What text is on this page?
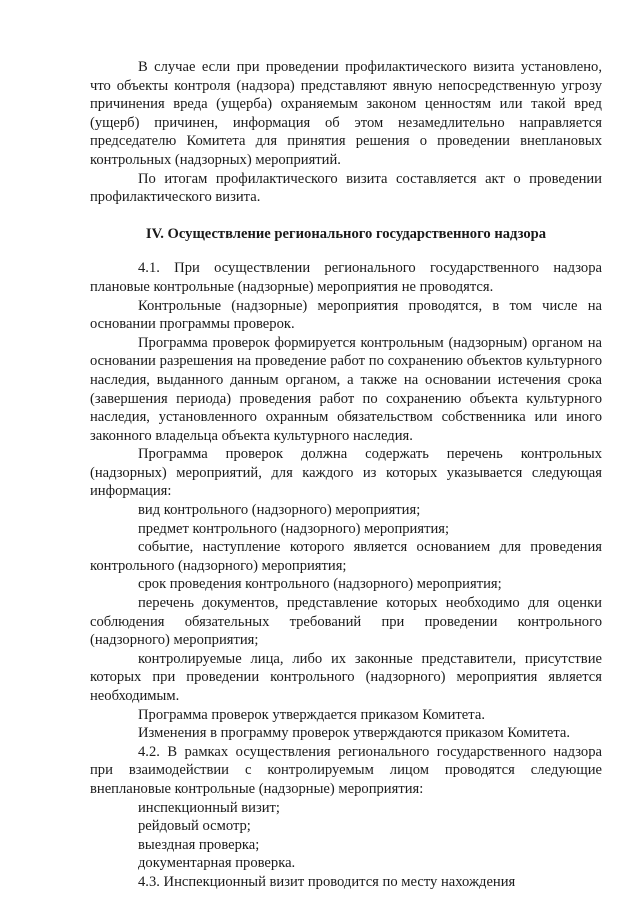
В случае если при проведении профилактического визита установлено, что объекты контроля (надзора) представляют явную непосредственную угрозу причинения вреда (ущерба) охраняемым законом ценностям или такой вред (ущерб) причинен, информация об этом незамедлительно направляется председателю Комитета для принятия решения о проведении внеплановых контрольных (надзорных) мероприятий.

По итогам профилактического визита составляется акт о проведении профилактического визита.

IV. Осуществление регионального государственного надзора

4.1. При осуществлении регионального государственного надзора плановые контрольные (надзорные) мероприятия не проводятся.

Контрольные (надзорные) мероприятия проводятся, в том числе на основании программы проверок.

Программа проверок формируется контрольным (надзорным) органом на основании разрешения на проведение работ по сохранению объектов культурного наследия, выданного данным органом, а также на основании истечения срока (завершения периода) проведения работ по сохранению объекта культурного наследия, установленного охранным обязательством собственника или иного законного владельца объекта культурного наследия.

Программа проверок должна содержать перечень контрольных (надзорных) мероприятий, для каждого из которых указывается следующая информация:

вид контрольного (надзорного) мероприятия;

предмет контрольного (надзорного) мероприятия;

событие, наступление которого является основанием для проведения контрольного (надзорного) мероприятия;

срок проведения контрольного (надзорного) мероприятия;

перечень документов, представление которых необходимо для оценки соблюдения обязательных требований при проведении контрольного (надзорного) мероприятия;

контролируемые лица, либо их законные представители, присутствие которых при проведении контрольного (надзорного) мероприятия является необходимым.

Программа проверок утверждается приказом Комитета.

Изменения в программу проверок утверждаются приказом Комитета.

4.2. В рамках осуществления регионального государственного надзора при взаимодействии с контролируемым лицом проводятся следующие внеплановые контрольные (надзорные) мероприятия:

инспекционный визит;

рейдовый осмотр;

выездная проверка;

документарная проверка.

4.3. Инспекционный визит проводится по месту нахождения
